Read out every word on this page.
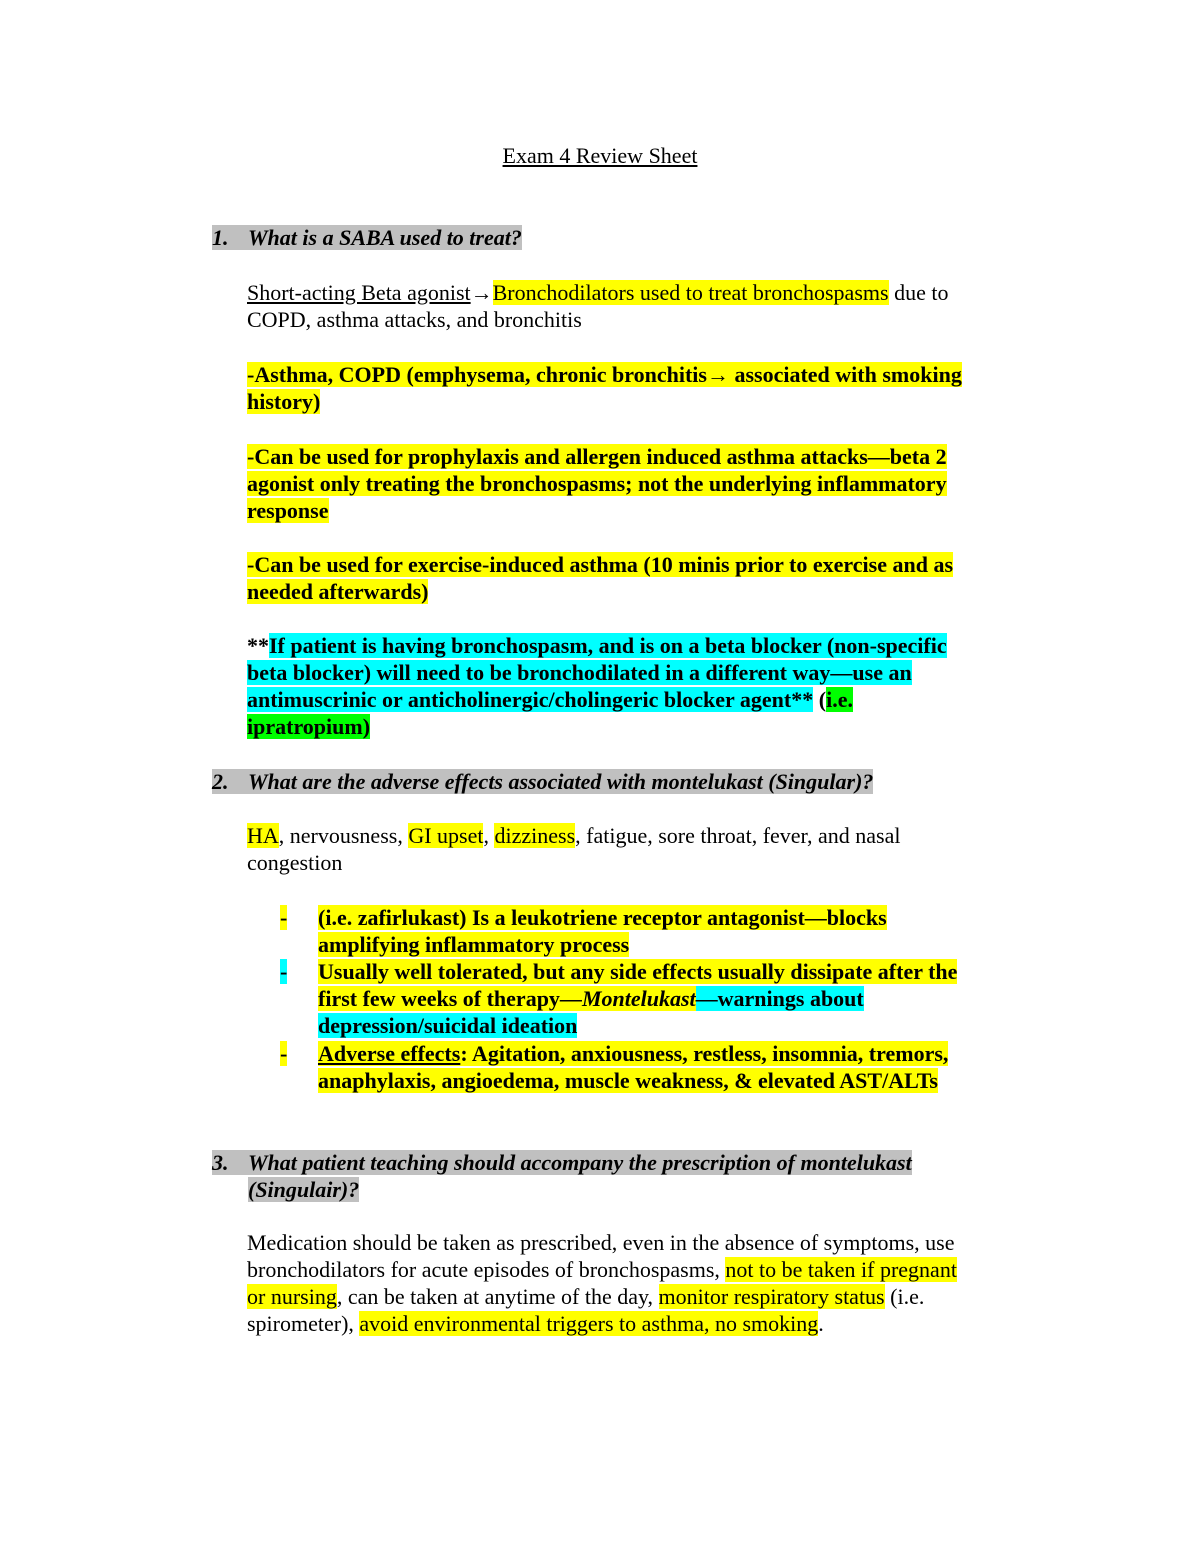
Exam 4 Review Sheet
1. What is a SABA used to treat?
Short-acting Beta agonist→Bronchodilators used to treat bronchospasms due to
COPD, asthma attacks, and bronchitis
-Asthma, COPD (emphysema, chronic bronchitis→ associated with smoking
history)
-Can be used for prophylaxis and allergen induced asthma attacks—beta 2
agonist only treating the bronchospasms; not the underlying inflammatory
response
-Can be used for exercise-induced asthma (10 minis prior to exercise and as
needed afterwards)
**If patient is having bronchospasm, and is on a beta blocker (non-specific
beta blocker) will need to be bronchodilated in a different way—use an
antimuscrinic or anticholinergic/cholingeric blocker agent** (i.e.
ipratropium)
2. What are the adverse effects associated with montelukast (Singular)?
HA, nervousness, GI upset, dizziness, fatigue, sore throat, fever, and nasal
congestion
- (i.e. zafirlukast) Is a leukotriene receptor antagonist—blocks
amplifying inflammatory process
- Usually well tolerated, but any side effects usually dissipate after the
first few weeks of therapy—Montelukast—warnings about
depression/suicidal ideation
- Adverse effects: Agitation, anxiousness, restless, insomnia, tremors,
anaphylaxis, angioedema, muscle weakness, & elevated AST/ALTs
3. What patient teaching should accompany the prescription of montelukast
(Singulair)?
Medication should be taken as prescribed, even in the absence of symptoms, use
bronchodilators for acute episodes of bronchospasms, not to be taken if pregnant
or nursing, can be taken at anytime of the day, monitor respiratory status (i.e.
spirometer), avoid environmental triggers to asthma, no smoking.
